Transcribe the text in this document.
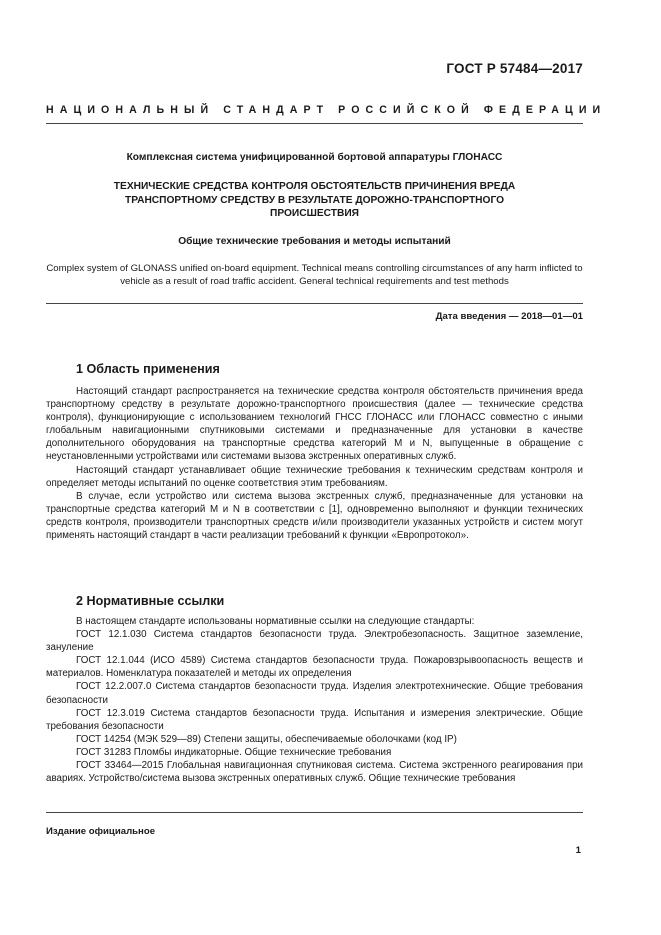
ГОСТ Р 57484—2017
НАЦИОНАЛЬНЫЙ СТАНДАРТ РОССИЙСКОЙ ФЕДЕРАЦИИ
Комплексная система унифицированной бортовой аппаратуры ГЛОНАСС
ТЕХНИЧЕСКИЕ СРЕДСТВА КОНТРОЛЯ ОБСТОЯТЕЛЬСТВ ПРИЧИНЕНИЯ ВРЕДА ТРАНСПОРТНОМУ СРЕДСТВУ В РЕЗУЛЬТАТЕ ДОРОЖНО-ТРАНСПОРТНОГО ПРОИСШЕСТВИЯ
Общие технические требования и методы испытаний
Complex system of GLONASS unified on-board equipment. Technical means controlling circumstances of any harm inflicted to vehicle as a result of road traffic accident. General technical requirements and test methods
Дата введения — 2018—01—01
1 Область применения

Настоящий стандарт распространяется на технические средства контроля обстоятельств причинения вреда транспортному средству в результате дорожно-транспортного происшествия (далее — технические средства контроля), функционирующие с использованием технологий ГНСС ГЛОНАСС или ГЛОНАСС совместно с иными глобальным навигационными спутниковыми системами и предназначенные для установки в качестве дополнительного оборудования на транспортные средства категорий М и N, выпущенные в обращение с неустановленными устройствами или системами вызова экстренных оперативных служб.

Настоящий стандарт устанавливает общие технические требования к техническим средствам контроля и определяет методы испытаний по оценке соответствия этим требованиям.

В случае, если устройство или система вызова экстренных служб, предназначенные для установки на транспортные средства категорий М и N в соответствии с [1], одновременно выполняют и функции технических средств контроля, производители транспортных средств и/или производители указанных устройств и систем могут применять настоящий стандарт в части реализации требований к функции «Европротокол».

2 Нормативные ссылки

В настоящем стандарте использованы нормативные ссылки на следующие стандарты:

ГОСТ 12.1.030 Система стандартов безопасности труда. Электробезопасность. Защитное заземление, зануление

ГОСТ 12.1.044 (ИСО 4589) Система стандартов безопасности труда. Пожаровзрывоопасность веществ и материалов. Номенклатура показателей и методы их определения

ГОСТ 12.2.007.0 Система стандартов безопасности труда. Изделия электротехнические. Общие требования безопасности

ГОСТ 12.3.019 Система стандартов безопасности труда. Испытания и измерения электрические. Общие требования безопасности

ГОСТ 14254 (МЭК 529—89) Степени защиты, обеспечиваемые оболочками (код IP)

ГОСТ 31283 Пломбы индикаторные. Общие технические требования

ГОСТ 33464—2015 Глобальная навигационная спутниковая система. Система экстренного реагирования при авариях. Устройство/система вызова экстренных оперативных служб. Общие технические требования

Издание официальное
1
